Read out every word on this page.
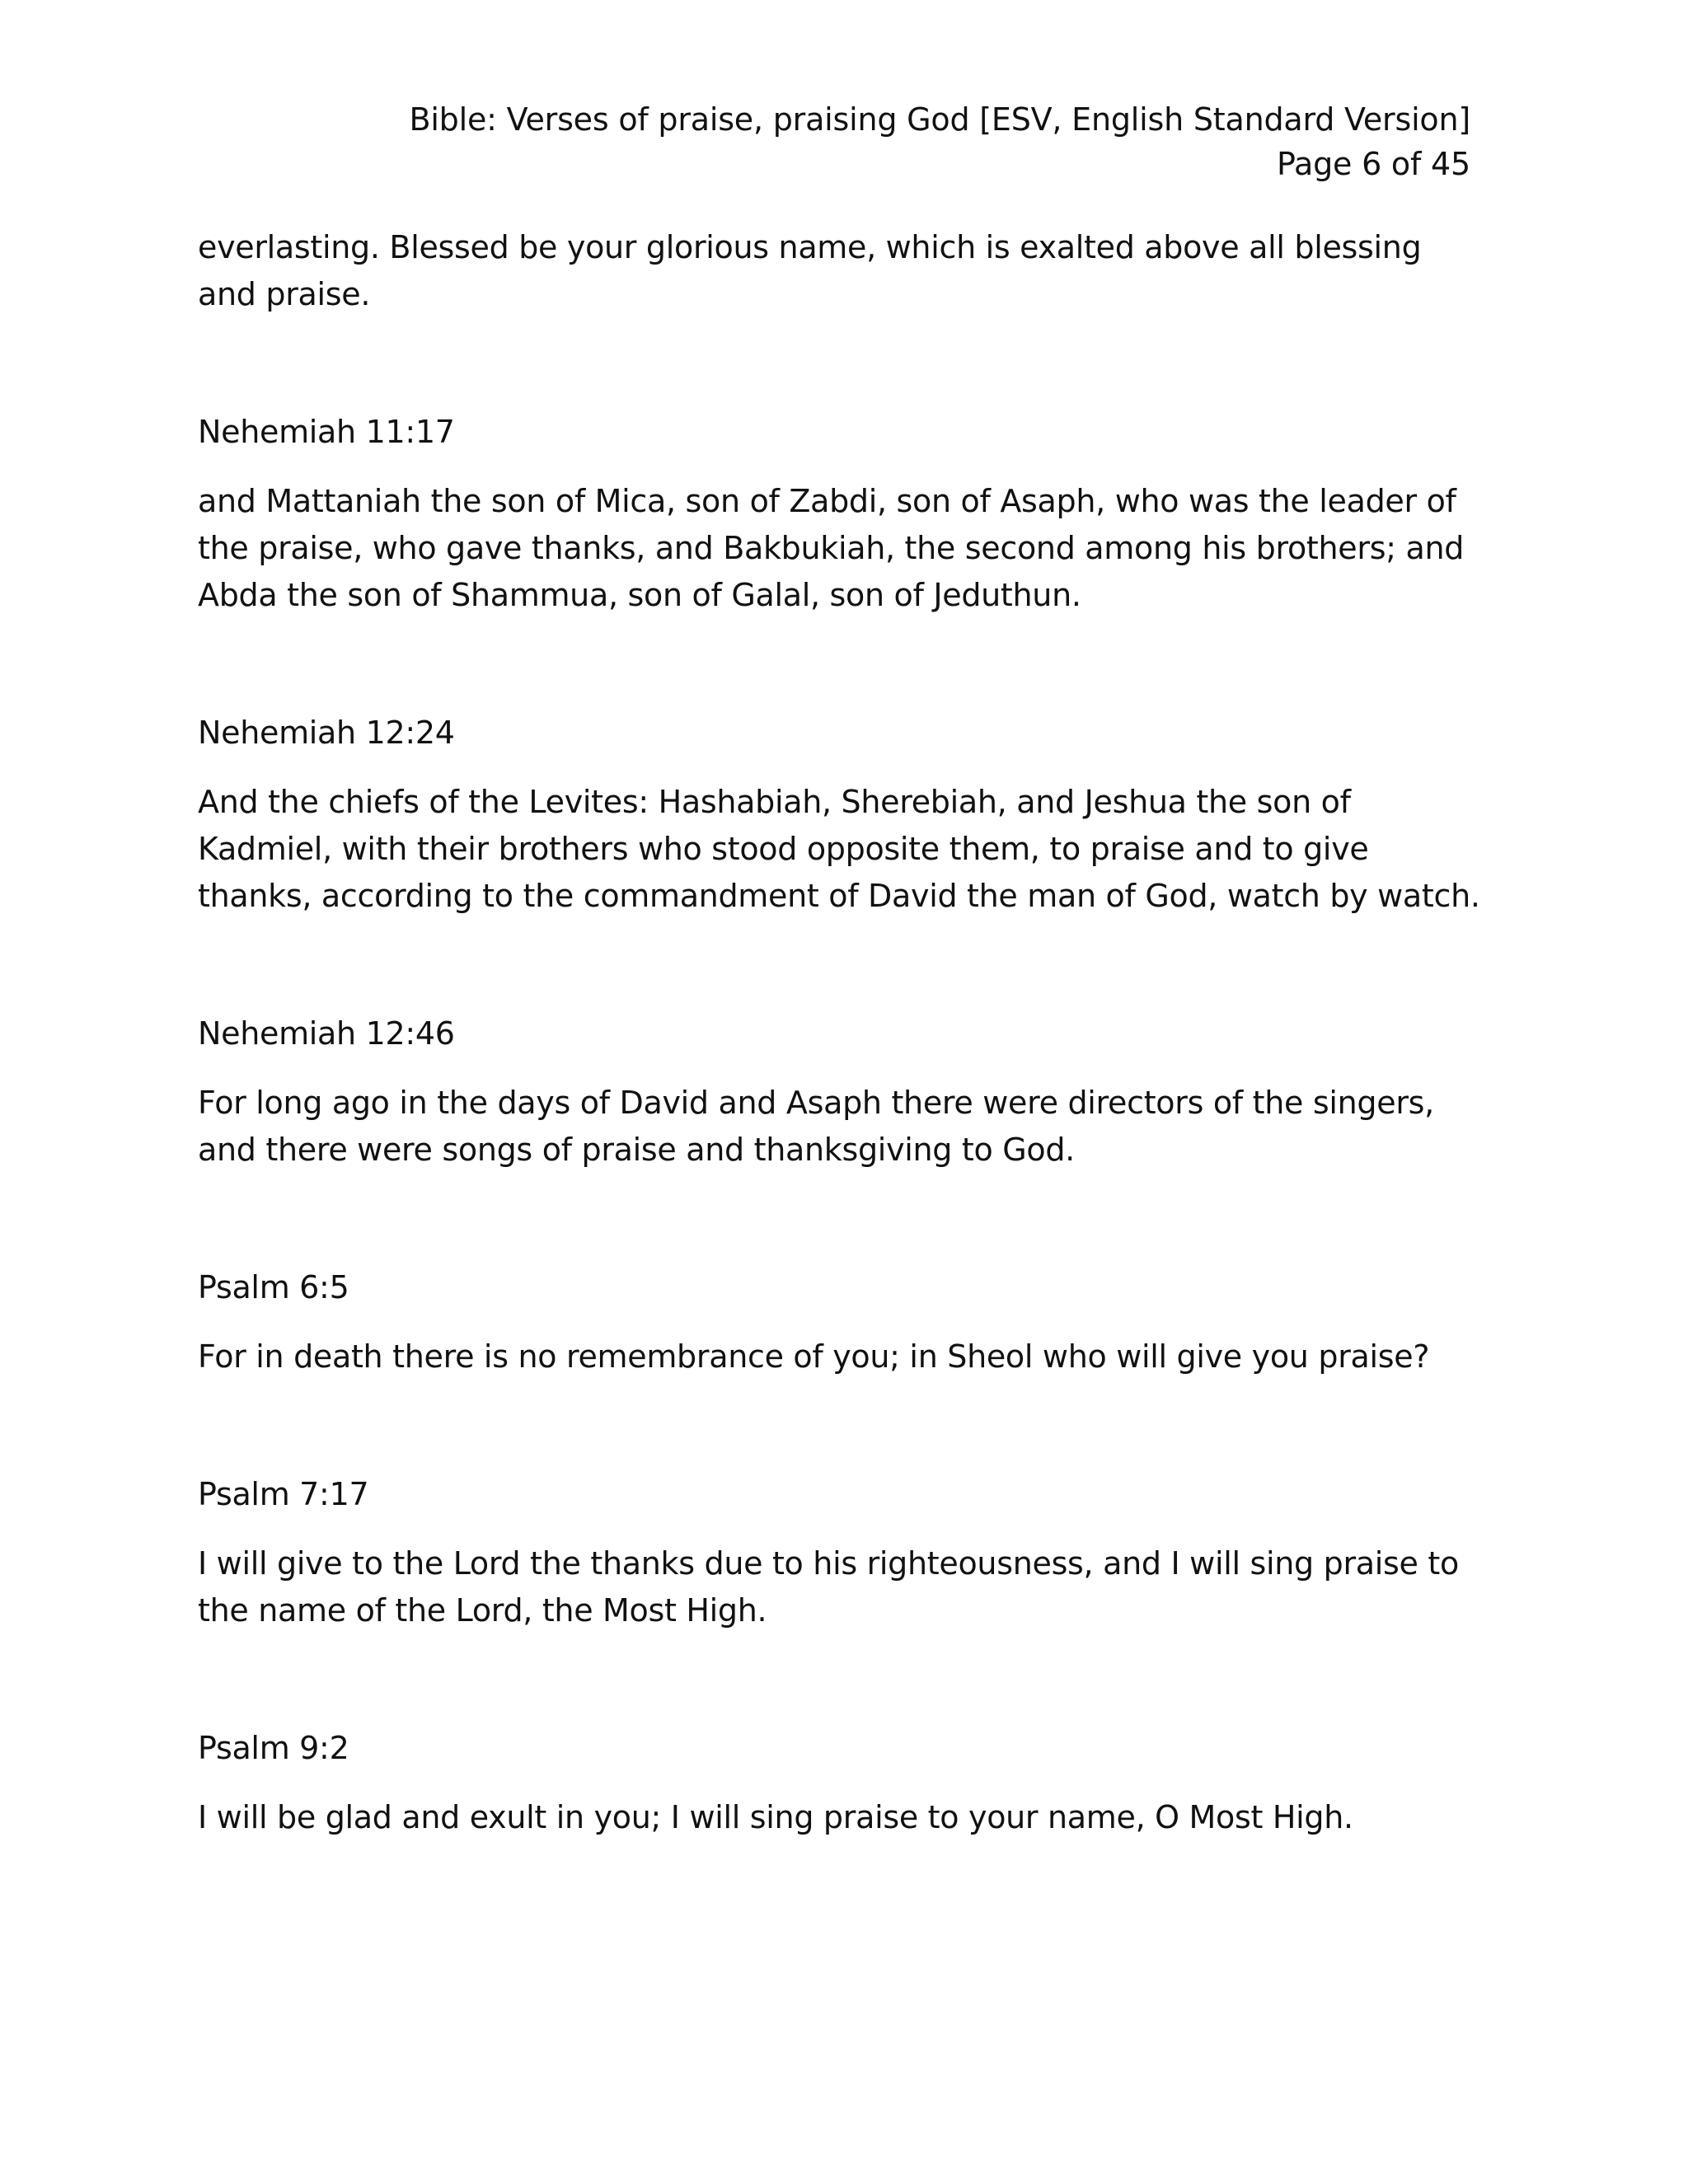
Bible: Verses of praise, praising God [ESV, English Standard Version]
Page 6 of 45

everlasting. Blessed be your glorious name, which is exalted above all blessing and praise.

Nehemiah 11:17

and Mattaniah the son of Mica, son of Zabdi, son of Asaph, who was the leader of the praise, who gave thanks, and Bakbukiah, the second among his brothers; and Abda the son of Shammua, son of Galal, son of Jeduthun.

Nehemiah 12:24

And the chiefs of the Levites: Hashabiah, Sherebiah, and Jeshua the son of Kadmiel, with their brothers who stood opposite them, to praise and to give thanks, according to the commandment of David the man of God, watch by watch.

Nehemiah 12:46

For long ago in the days of David and Asaph there were directors of the singers, and there were songs of praise and thanksgiving to God.

Psalm 6:5

For in death there is no remembrance of you; in Sheol who will give you praise?

Psalm 7:17

I will give to the Lord the thanks due to his righteousness, and I will sing praise to the name of the Lord, the Most High.

Psalm 9:2

I will be glad and exult in you; I will sing praise to your name, O Most High.
